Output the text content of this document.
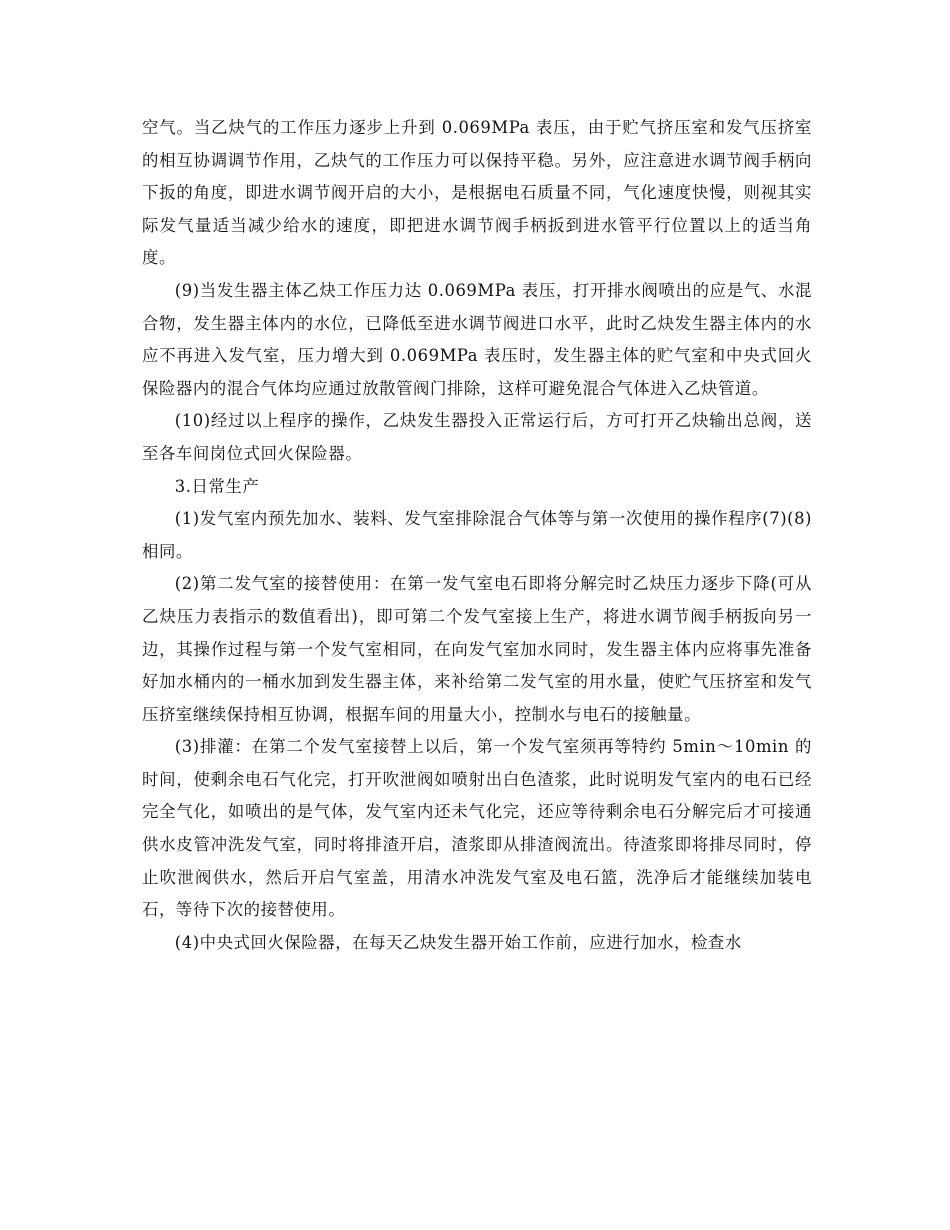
空气。当乙炔气的工作压力逐步上升到 0.069MPa 表压，由于贮气挤压室和发气压挤室的相互协调调节作用，乙炔气的工作压力可以保持平稳。另外，应注意进水调节阀手柄向下扳的角度，即进水调节阀开启的大小，是根据电石质量不同，气化速度快慢，则视其实际发气量适当减少给水的速度，即把进水调节阀手柄扳到进水管平行位置以上的适当角度。

(9)当发生器主体乙炔工作压力达 0.069MPa 表压，打开排水阀喷出的应是气、水混合物，发生器主体内的水位，已降低至进水调节阀进口水平，此时乙炔发生器主体内的水应不再进入发气室，压力增大到 0.069MPa 表压时，发生器主体的贮气室和中央式回火保险器内的混合气体均应通过放散管阀门排除，这样可避免混合气体进入乙炔管道。

(10)经过以上程序的操作，乙炔发生器投入正常运行后，方可打开乙炔输出总阀，送至各车间岗位式回火保险器。

3.日常生产

(1)发气室内预先加水、装料、发气室排除混合气体等与第一次使用的操作程序(7)(8)相同。

(2)第二发气室的接替使用：在第一发气室电石即将分解完时乙炔压力逐步下降(可从乙炔压力表指示的数值看出)，即可第二个发气室接上生产，将进水调节阀手柄扳向另一边，其操作过程与第一个发气室相同，在向发气室加水同时，发生器主体内应将事先准备好加水桶内的一桶水加到发生器主体，来补给第二发气室的用水量，使贮气压挤室和发气压挤室继续保持相互协调，根据车间的用量大小，控制水与电石的接触量。

(3)排灌：在第二个发气室接替上以后，第一个发气室须再等特约 5min～10min 的时间，使剩余电石气化完，打开吹泄阀如喷射出白色渣浆，此时说明发气室内的电石已经完全气化，如喷出的是气体，发气室内还未气化完，还应等待剩余电石分解完后才可接通供水皮管冲洗发气室，同时将排渣开启，渣浆即从排渣阀流出。待渣浆即将排尽同时，停止吹泄阀供水，然后开启气室盖，用清水冲洗发气室及电石篮，洗净后才能继续加装电石，等待下次的接替使用。

(4)中央式回火保险器，在每天乙炔发生器开始工作前，应进行加水，检查水
